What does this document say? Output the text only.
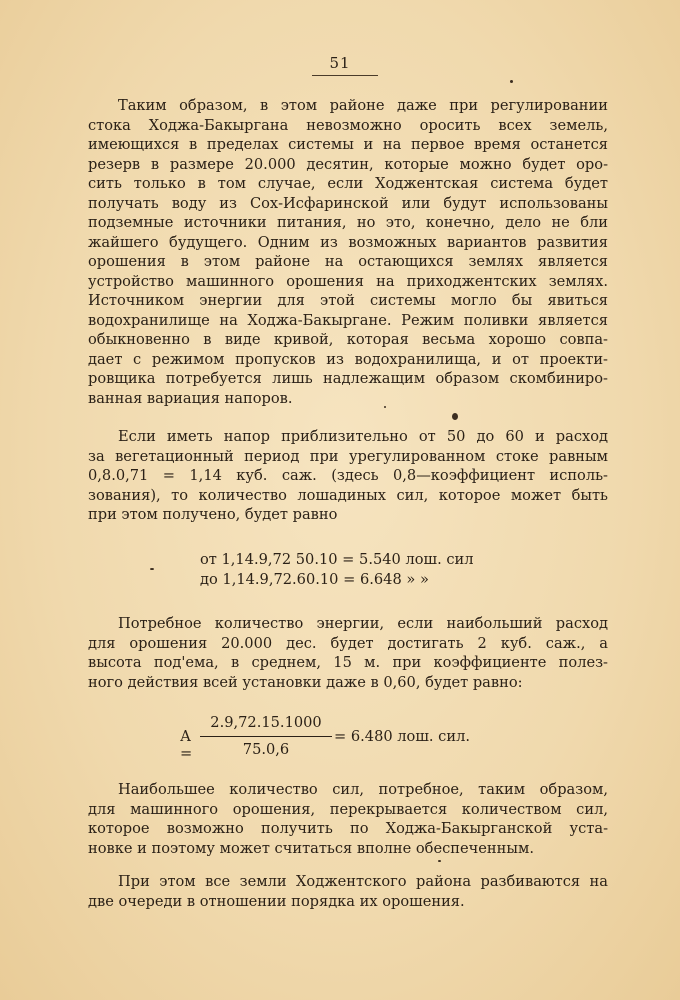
51
Таким образом, в этом районе даже при регулировании
стока Ходжа-Бакыргана невозможно оросить всех земель,
имеющихся в пределах системы и на первое время останется
резерв в размере 20.000 десятин, которые можно будет оро-
сить только в том случае, если Ходжентская система будет
получать воду из Сох-Исфаринской или будут использованы
подземные источники питания, но это, конечно, дело не бли
жайшего будущего. Одним из возможных вариантов развития
орошения в этом районе на остающихся землях является
устройство машинного орошения на приходжентских землях.
Источником энергии для этой системы могло бы явиться
водохранилище на Ходжа-Бакыргане. Режим поливки является
обыкновенно в виде кривой, которая весьма хорошо совпа-
дает с режимом пропусков из водохранилища, и от проекти-
ровщика потребуется лишь надлежащим образом скомбиниро-
ванная вариация напоров.
Если иметь напор приблизительно от 50 до 60 и расход
за вегетационный период при урегулированном стоке равным
0,8.0,71 = 1,14 куб. саж. (здесь 0,8—коэффициент исполь-
зования), то количество лошадиных сил, которое может быть
при этом получено, будет равно
от 1,14.9,72 50.10 = 5.540 лош. сил
до 1,14.9,72.60.10 = 6.648 » »
Потребное количество энергии, если наибольший расход
для орошения 20.000 дес. будет достигать 2 куб. саж., а
высота под'ема, в среднем, 15 м. при коэффициенте полез-
ного действия всей установки даже в 0,60, будет равно:
А =
2.9,72.15.1000
75.0,6
= 6.480 лош. сил.
Наибольшее количество сил, потребное, таким образом,
для машинного орошения, перекрывается количеством сил,
которое возможно получить по Ходжа-Бакырганской уста-
новке и поэтому может считаться вполне обеспеченным.
При этом все земли Ходжентского района разбиваются на
две очереди в отношении порядка их орошения.
